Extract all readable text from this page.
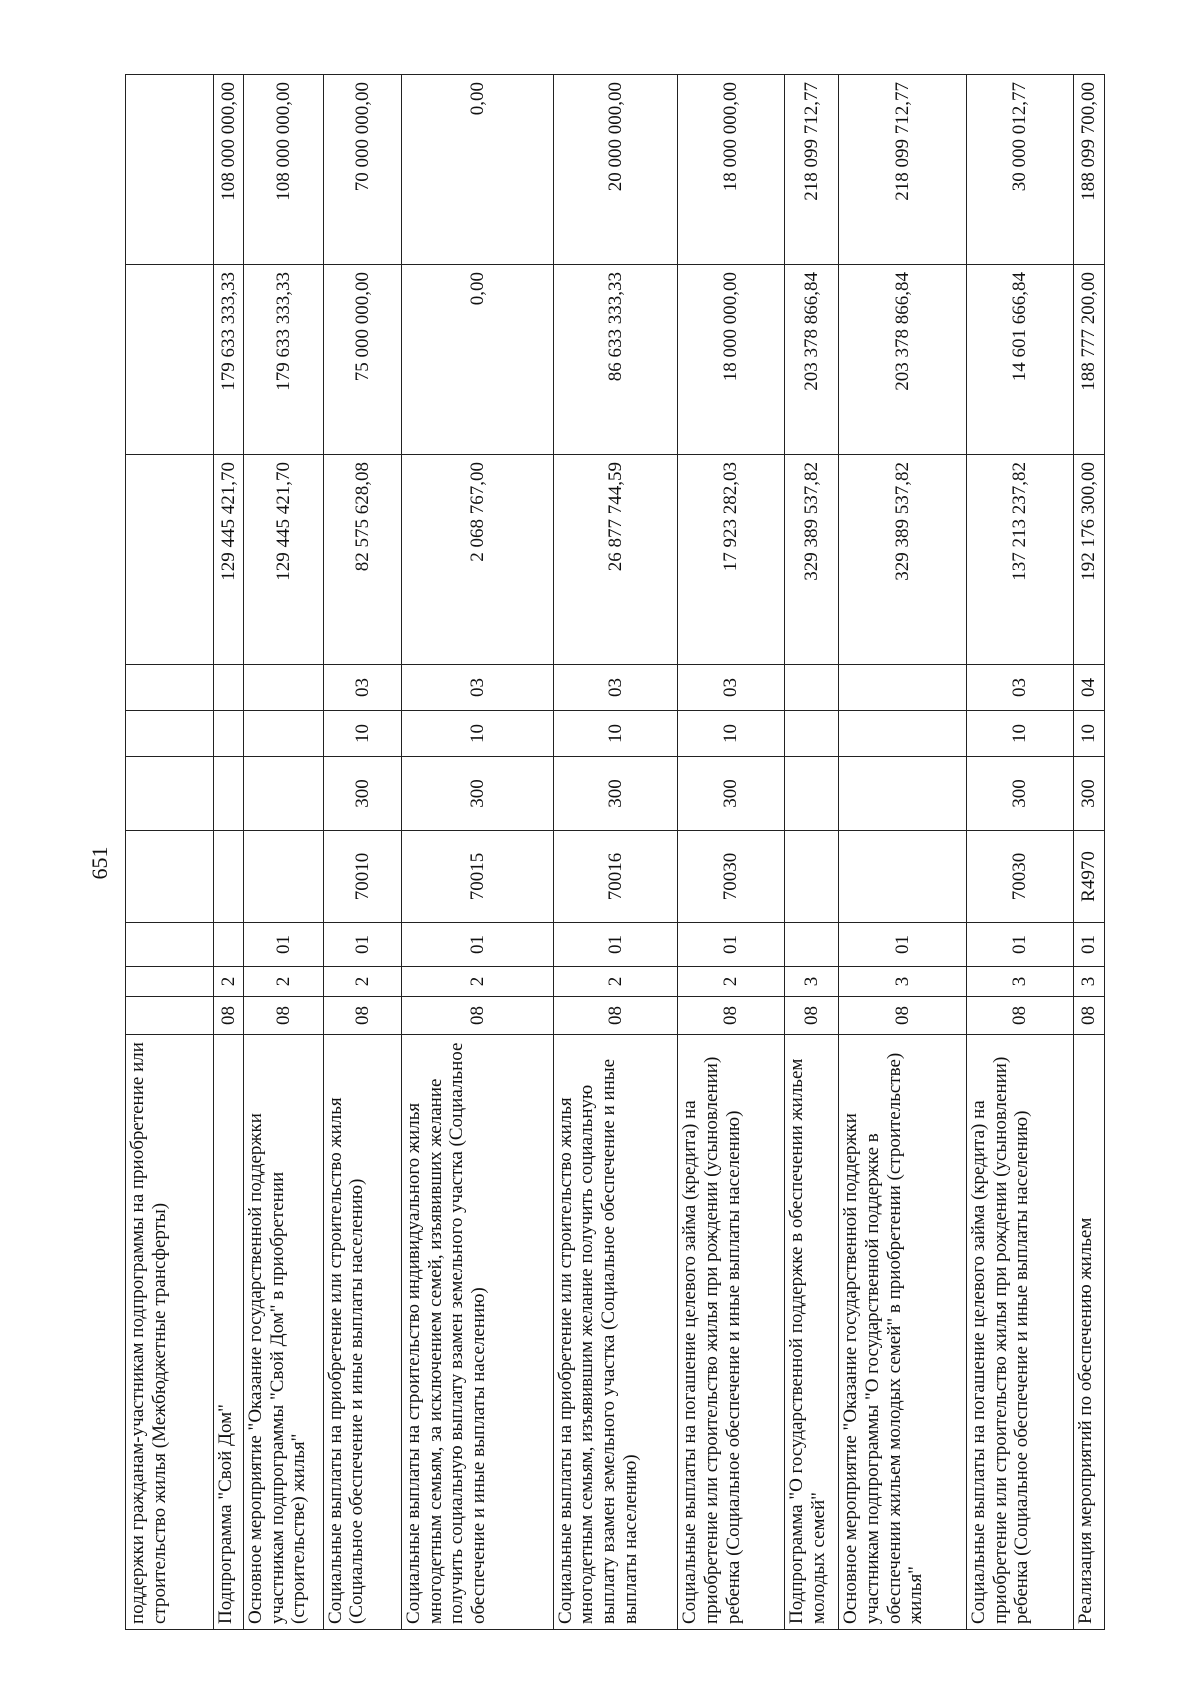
651
поддержки гражданам-участникам подпрограммы на приобретение или строительство жилья (Межбюджетные трансферты)										
Подпрограмма "Свой Дом"	08	2						129 445 421,70	179 633 333,33	108 000 000,00
Основное мероприятие "Оказание государственной поддержки участникам подпрограммы "Свой Дом" в приобретении (строительстве) жилья"	08	2	01					129 445 421,70	179 633 333,33	108 000 000,00
Социальные выплаты на приобретение или строительство жилья (Социальное обеспечение и иные выплаты населению)	08	2	01	70010	300	10	03	82 575 628,08	75 000 000,00	70 000 000,00
Социальные выплаты на строительство индивидуального жилья многодетным семьям, за исключением семей, изъявивших желание получить социальную выплату взамен земельного участка (Социальное обеспечение и иные выплаты населению)	08	2	01	70015	300	10	03	2 068 767,00	0,00	0,00
Социальные выплаты на приобретение или строительство жилья многодетным семьям, изъявившим желание получить социальную выплату взамен земельного участка (Социальное обеспечение и иные выплаты населению)	08	2	01	70016	300	10	03	26 877 744,59	86 633 333,33	20 000 000,00
Социальные выплаты на погашение целевого займа (кредита) на приобретение или строительство жилья при рождении (усыновлении) ребенка (Социальное обеспечение и иные выплаты населению)	08	2	01	70030	300	10	03	17 923 282,03	18 000 000,00	18 000 000,00
Подпрограмма "О государственной поддержке в обеспечении жильем молодых семей"	08	3						329 389 537,82	203 378 866,84	218 099 712,77
Основное мероприятие "Оказание государственной поддержки участникам подпрограммы "О государственной поддержке в обеспечении жильем молодых семей" в приобретении (строительстве) жилья"	08	3	01					329 389 537,82	203 378 866,84	218 099 712,77
Социальные выплаты на погашение целевого займа (кредита) на приобретение или строительство жилья при рождении (усыновлении) ребенка (Социальное обеспечение и иные выплаты населению)	08	3	01	70030	300	10	03	137 213 237,82	14 601 666,84	30 000 012,77
Реализация мероприятий по обеспечению жильем	08	3	01	R4970	300	10	04	192 176 300,00	188 777 200,00	188 099 700,00
